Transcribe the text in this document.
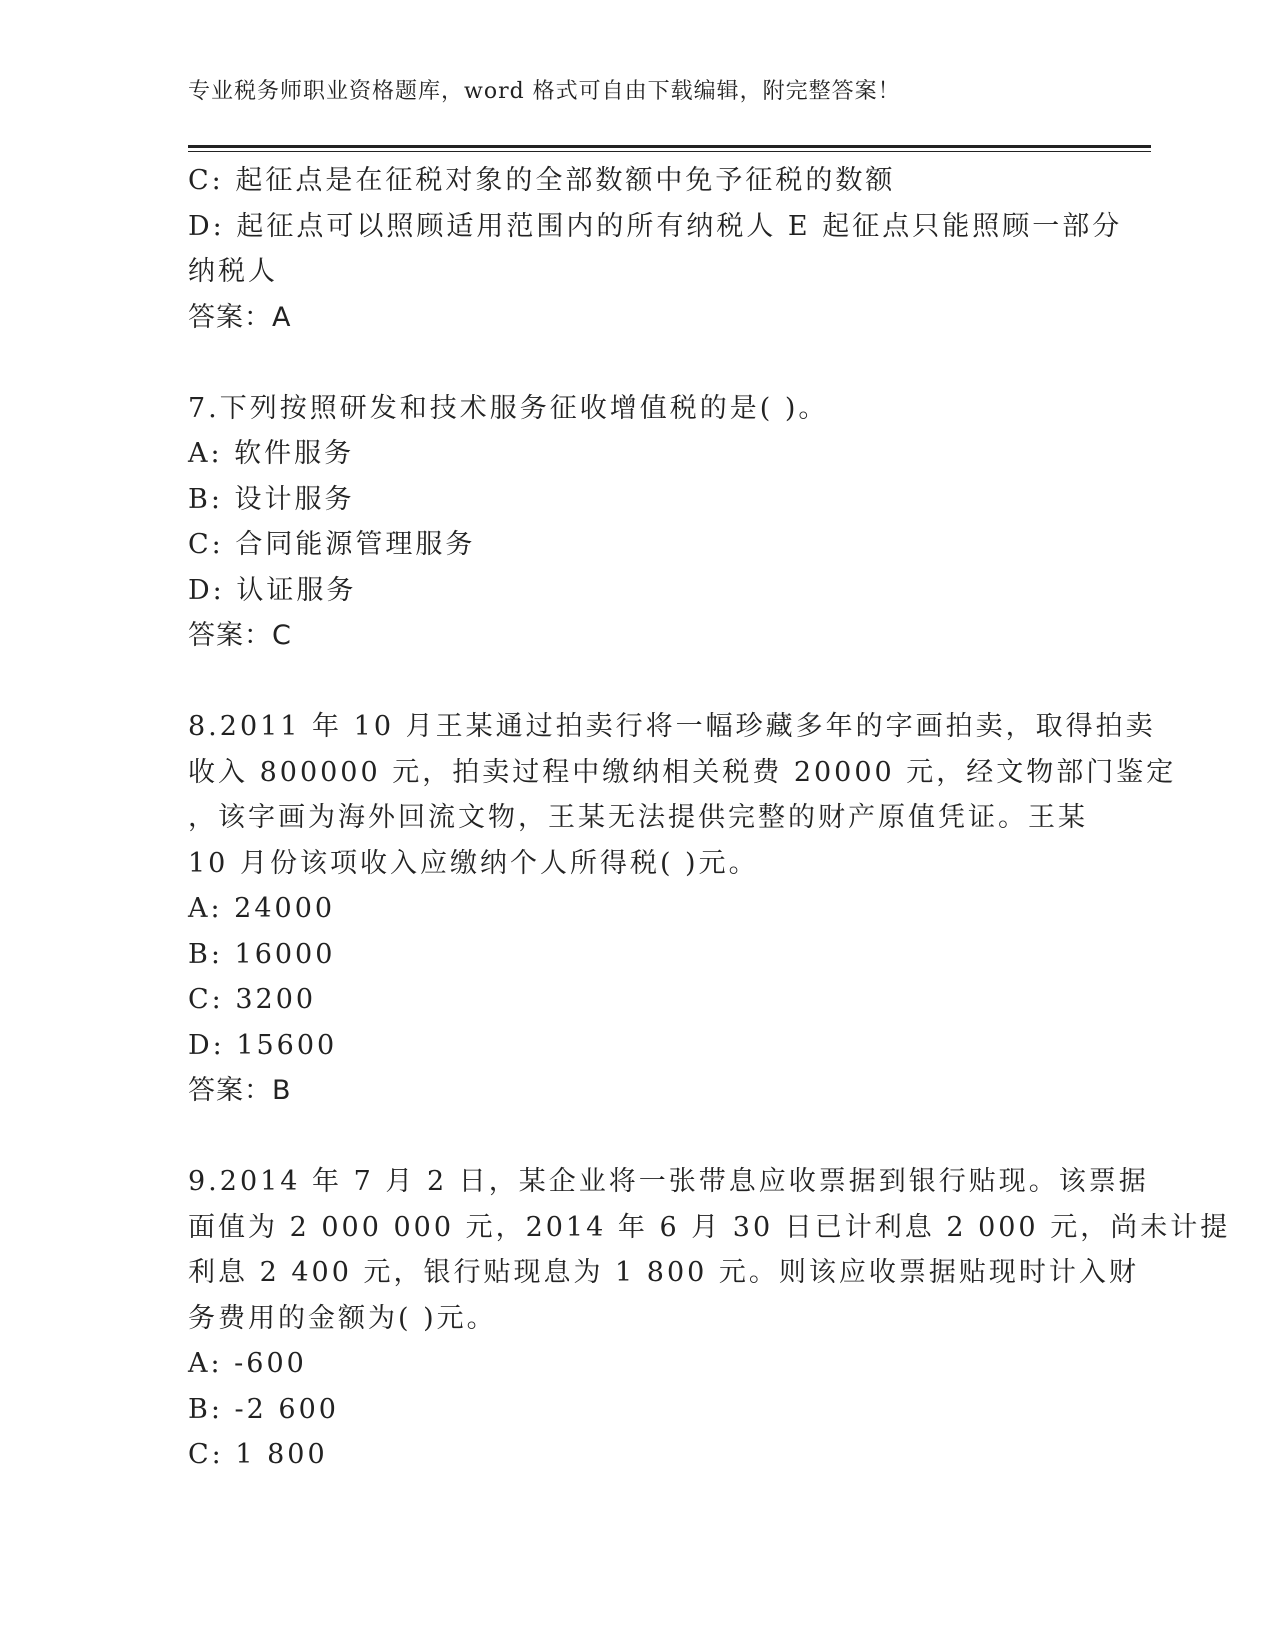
专业税务师职业资格题库，word 格式可自由下载编辑，附完整答案！
C: 起征点是在征税对象的全部数额中免予征税的数额
D: 起征点可以照顾适用范围内的所有纳税人 E 起征点只能照顾一部分
纳税人
答案：A
7.下列按照研发和技术服务征收增值税的是( )。
A: 软件服务
B: 设计服务
C: 合同能源管理服务
D: 认证服务
答案：C
8.2011 年 10 月王某通过拍卖行将一幅珍藏多年的字画拍卖，取得拍卖
收入 800000 元，拍卖过程中缴纳相关税费 20000 元，经文物部门鉴定
，该字画为海外回流文物，王某无法提供完整的财产原值凭证。王某
10 月份该项收入应缴纳个人所得税( )元。
A: 24000
B: 16000
C: 3200
D: 15600
答案：B
9.2014 年 7 月 2 日，某企业将一张带息应收票据到银行贴现。该票据
面值为 2 000 000 元，2014 年 6 月 30 日已计利息 2 000 元，尚未计提
利息 2 400 元，银行贴现息为 1 800 元。则该应收票据贴现时计入财
务费用的金额为( )元。
A: -600
B: -2 600
C: 1 800
